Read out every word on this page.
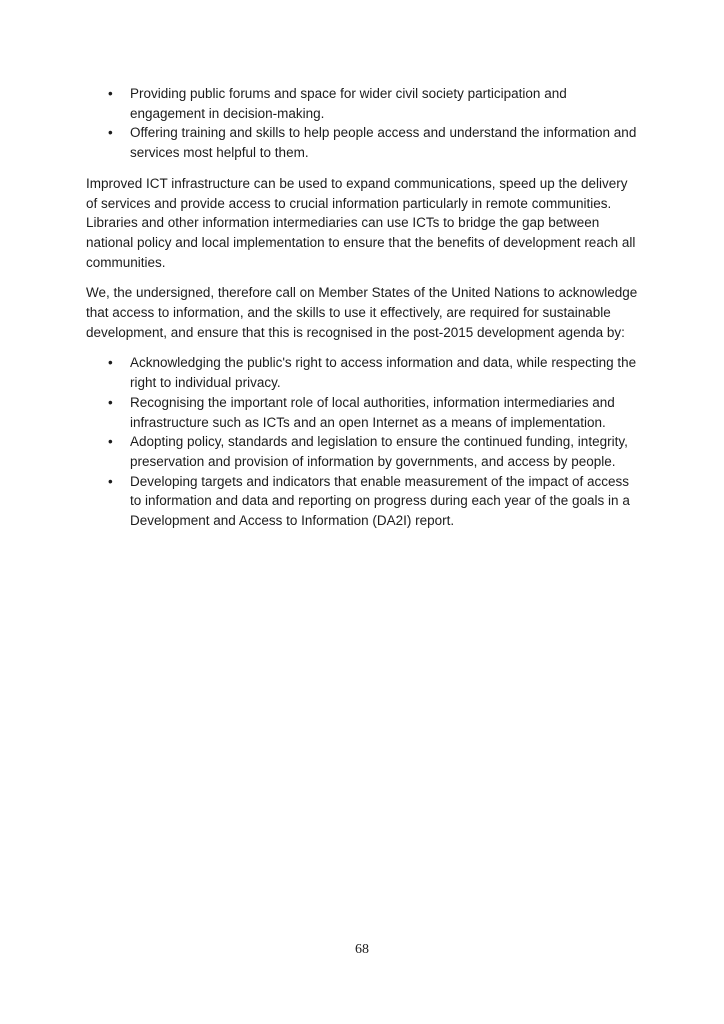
• Providing public forums and space for wider civil society participation and engagement in decision-making.
• Offering training and skills to help people access and understand the information and services most helpful to them.

Improved ICT infrastructure can be used to expand communications, speed up the delivery of services and provide access to crucial information particularly in remote communities. Libraries and other information intermediaries can use ICTs to bridge the gap between national policy and local implementation to ensure that the benefits of development reach all communities.

We, the undersigned, therefore call on Member States of the United Nations to acknowledge that access to information, and the skills to use it effectively, are required for sustainable development, and ensure that this is recognised in the post-2015 development agenda by:

• Acknowledging the public's right to access information and data, while respecting the right to individual privacy.
• Recognising the important role of local authorities, information intermediaries and infrastructure such as ICTs and an open Internet as a means of implementation.
• Adopting policy, standards and legislation to ensure the continued funding, integrity, preservation and provision of information by governments, and access by people.
• Developing targets and indicators that enable measurement of the impact of access to information and data and reporting on progress during each year of the goals in a Development and Access to Information (DA2I) report.
68
